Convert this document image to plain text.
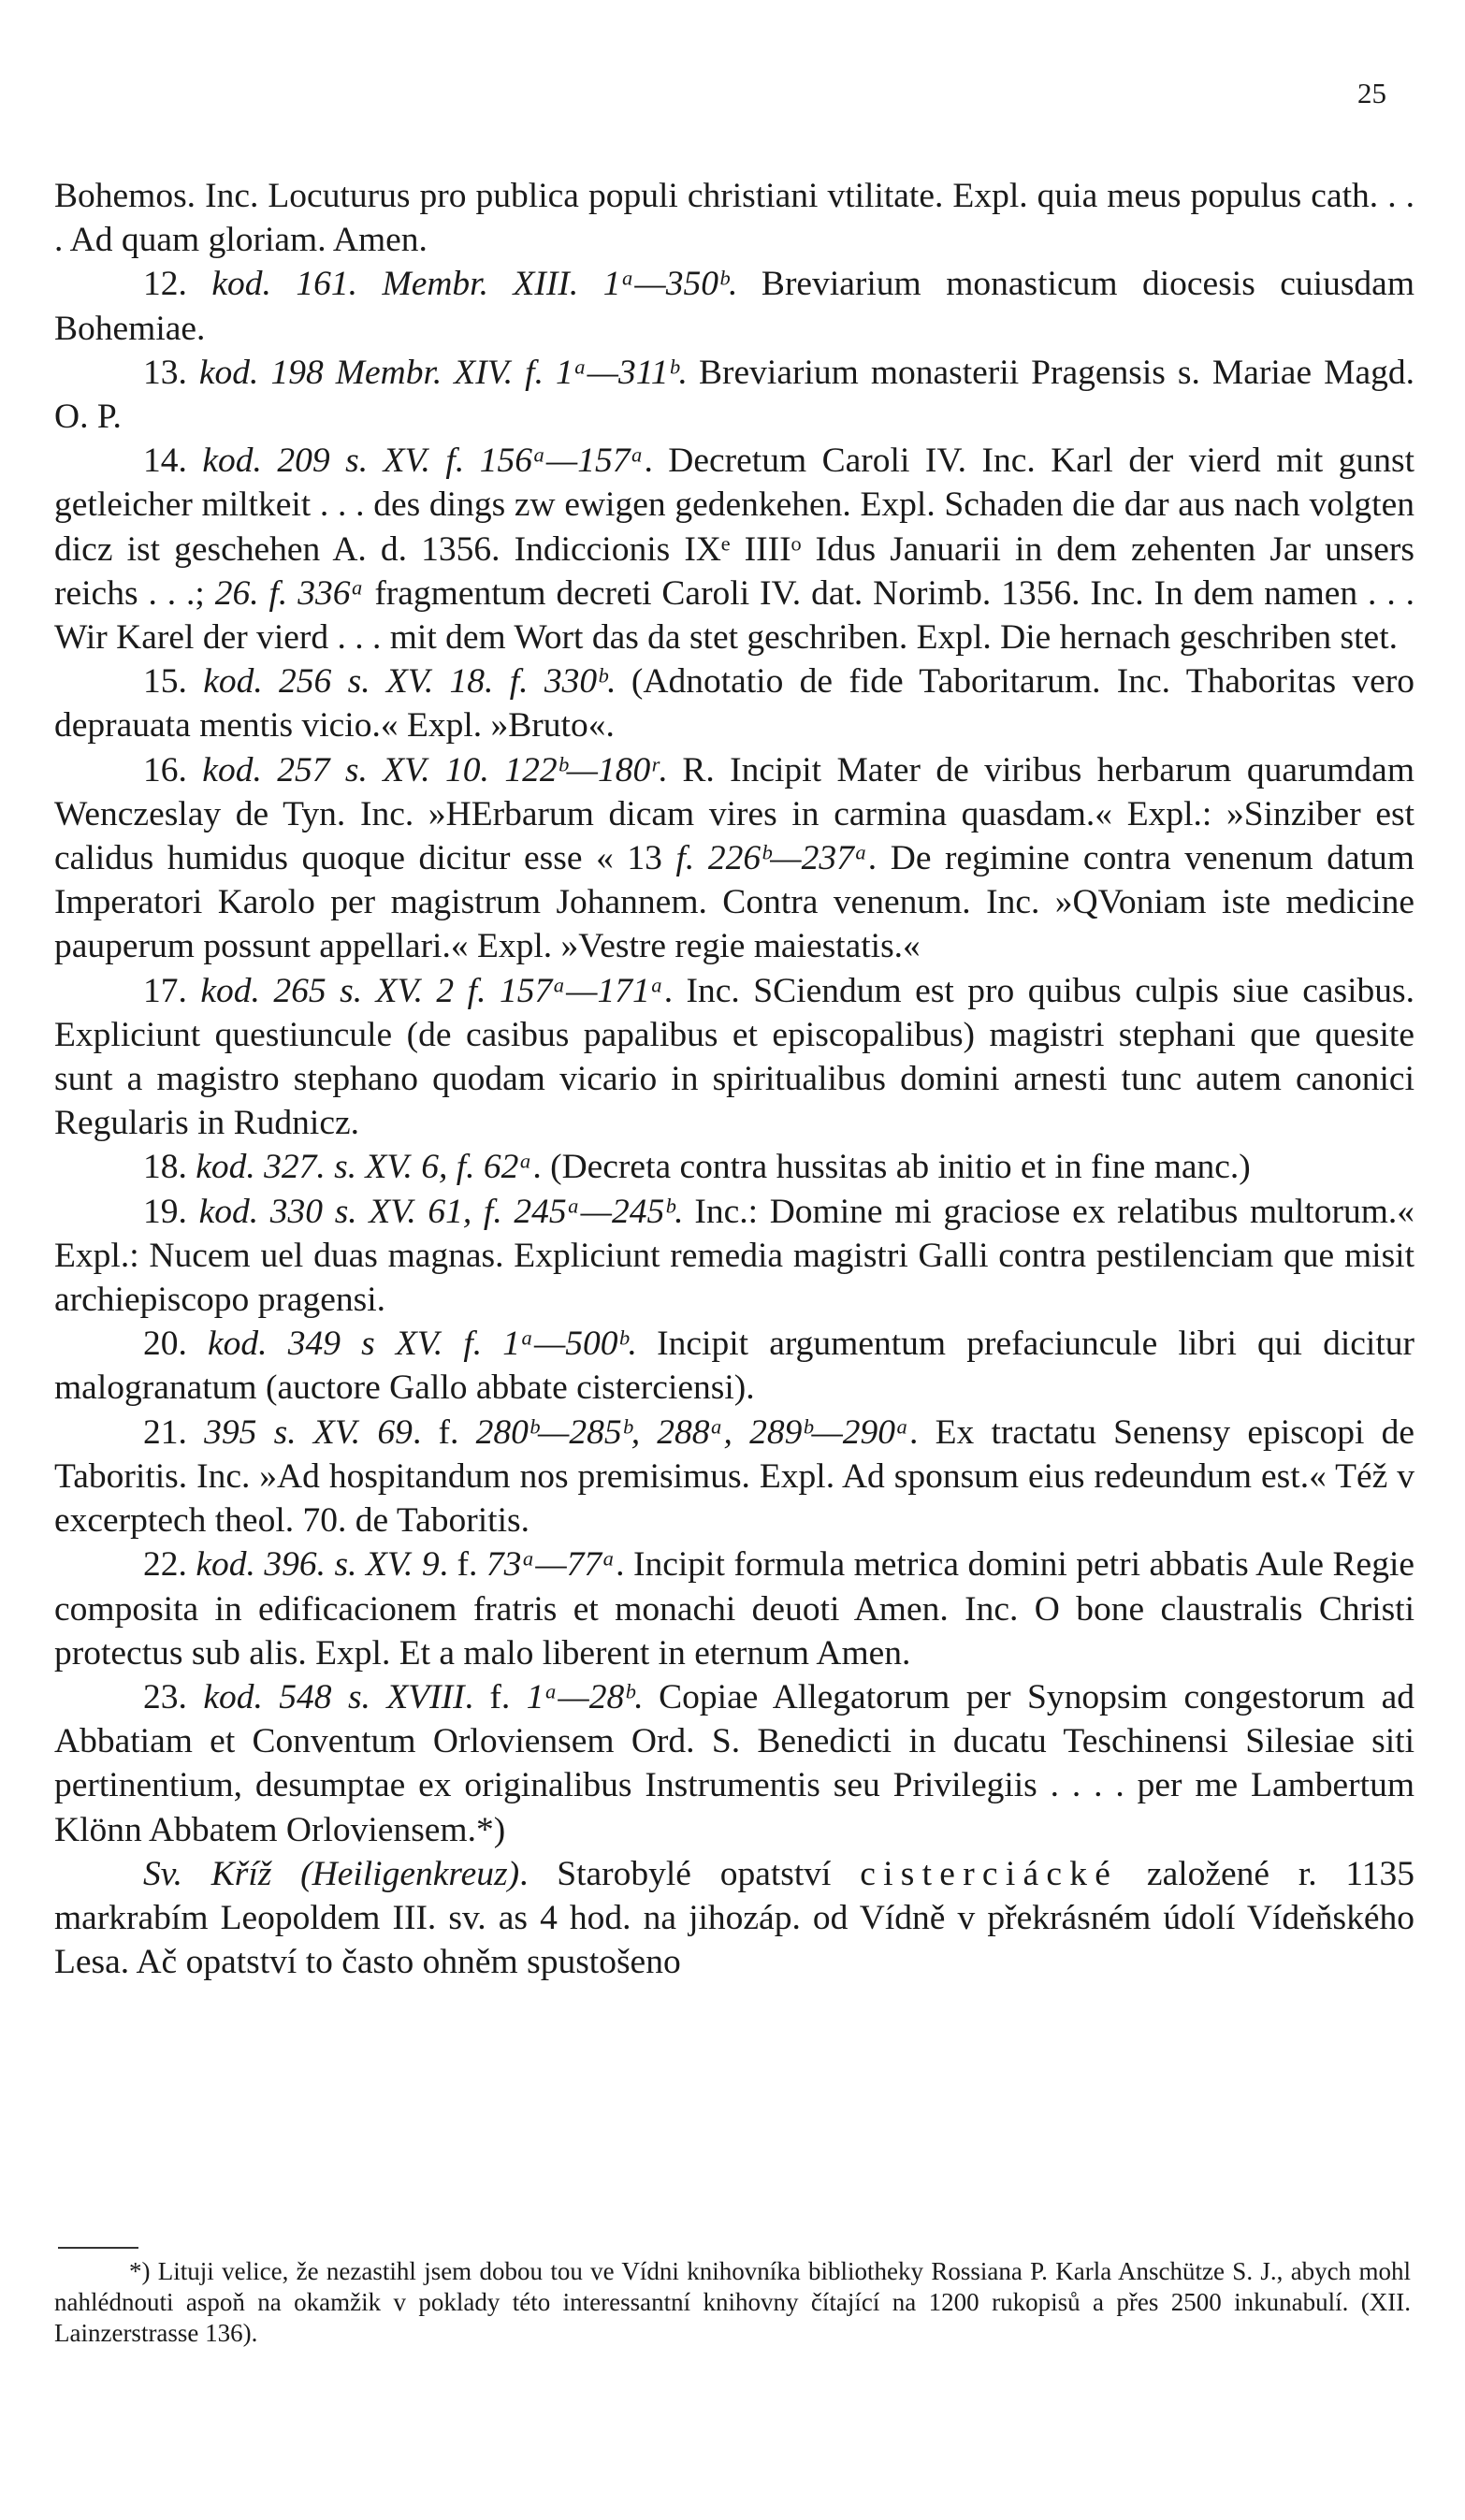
25

Bohemos. Inc. Locuturus pro publica populi christiani vtilitate. Expl. quia meus populus cath. . . . Ad quam gloriam. Amen.

12. kod. 161. Membr. XIII. 1ᵃ—350ᵇ. Breviarium monasticum diocesis cuiusdam Bohemiae.

13. kod. 198 Membr. XIV. f. 1ᵃ—311ᵇ. Breviarium monasterii Pragensis s. Mariae Magd. O. P.

14. kod. 209 s. XV. f. 156ᵃ—157ᵃ. Decretum Caroli IV. Inc. Karl der vierd mit gunst getleicher miltkeit . . . des dings zw ewigen gedenkehen. Expl. Schaden die dar aus nach volgten dicz ist geschehen A. d. 1356. Indiccionis IXᵉ IIIIᵒ Idus Januarii in dem zehenten Jar unsers reichs . . .; 26. f. 336ᵃ fragmentum decreti Caroli IV. dat. Norimb. 1356. Inc. In dem namen . . . Wir Karel der vierd . . . mit dem Wort das da stet geschriben. Expl. Die hernach geschriben stet.

15. kod. 256 s. XV. 18. f. 330ᵇ. (Adnotatio de fide Taboritarum. Inc. Thaboritas vero deprauata mentis vicio.« Expl. »Bruto«.

16. kod. 257 s. XV. 10. 122ᵇ—180ʳ. R. Incipit Mater de viribus herbarum quarumdam Wenczeslay de Tyn. Inc. »HErbarum dicam vires in carmina quasdam.« Expl.: »Sinziber est calidus humidus quoque dicitur esse « 13 f. 226ᵇ—237ᵃ. De regimine contra venenum datum Imperatori Karolo per magistrum Johannem. Contra venenum. Inc. »QVoniam iste medicine pauperum possunt appellari.« Expl. »Vestre regie maiestatis.«

17. kod. 265 s. XV. 2 f. 157ᵃ—171ᵃ. Inc. SCiendum est pro quibus culpis siue casibus. Expliciunt questiuncule (de casibus papalibus et episcopalibus) magistri stephani que quesite sunt a magistro stephano quodam vicario in spiritualibus domini arnesti tunc autem canonici Regularis in Rudnicz.

18. kod. 327. s. XV. 6, f. 62ᵃ. (Decreta contra hussitas ab initio et in fine manc.)

19. kod. 330 s. XV. 61, f. 245ᵃ—245ᵇ. Inc.: Domine mi graciose ex relatibus multorum.« Expl.: Nucem uel duas magnas. Expliciunt remedia magistri Galli contra pestilenciam que misit archiepiscopo pragensi.

20. kod. 349 s XV. f. 1ᵃ—500ᵇ. Incipit argumentum prefaciuncule libri qui dicitur malogranatum (auctore Gallo abbate cisterciensi).

21. 395 s. XV. 69. f. 280ᵇ—285ᵇ, 288ᵃ, 289ᵇ—290ᵃ. Ex tractatu Senensy episcopi de Taboritis. Inc. »Ad hospitandum nos premisimus. Expl. Ad sponsum eius redeundum est.« Též v excerptech theol. 70. de Taboritis.

22. kod. 396. s. XV. 9. f. 73ᵃ—77ᵃ. Incipit formula metrica domini petri abbatis Aule Regie composita in edificacionem fratris et monachi deuoti Amen. Inc. O bone claustralis Christi protectus sub alis. Expl. Et a malo liberent in eternum Amen.

23. kod. 548 s. XVIII. f. 1ᵃ—28ᵇ. Copiae Allegatorum per Synopsim congestorum ad Abbatiam et Conventum Orloviensem Ord. S. Benedicti in ducatu Teschinensi Silesiae siti pertinentium, desumptae ex originalibus Instrumentis seu Privilegiis . . . . per me Lambertum Klönn Abbatem Orloviensem.*)

Sv. Kříž (Heiligenkreuz). Starobylé opatství cisterciácké založené r. 1135 markrabím Leopoldem III. sv. as 4 hod. na jihozáp. od Vídně v překrásném údolí Vídeňského Lesa. Ač opatství to často ohněm spustošeno

*) Lituji velice, že nezastihl jsem dobou tou ve Vídni knihovníka bibliotheky Rossiana P. Karla Anschütze S. J., abych mohl nahlédnouti aspoň na okamžik v poklady této interessantní knihovny čítající na 1200 rukopisů a přes 2500 inkunabulí. (XII. Lainzerstrasse 136).
